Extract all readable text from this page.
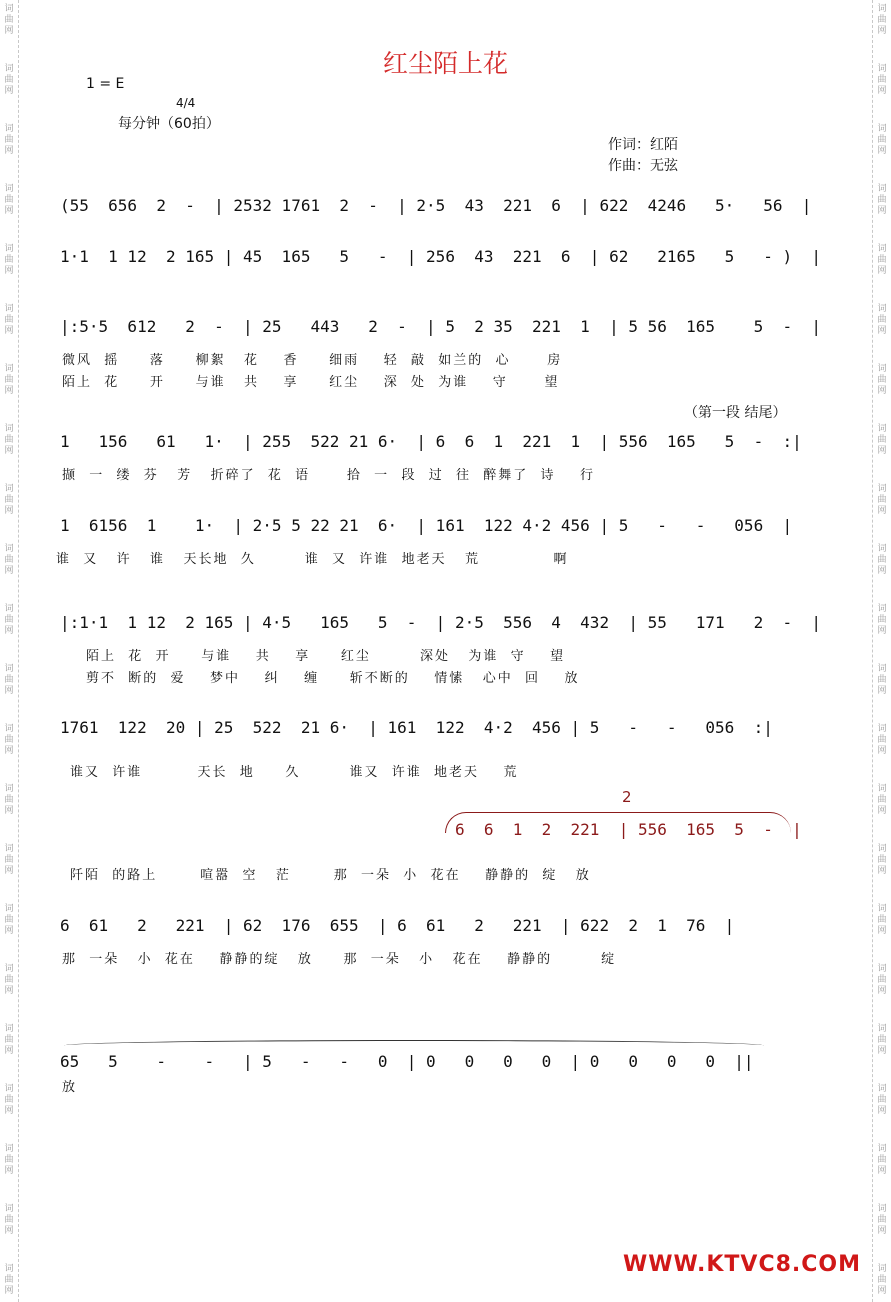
词
曲
网
词
曲
网
词
曲
网
词
曲
网
词
曲
网
词
曲
网
词
曲
网
词
曲
网
词
曲
网
词
曲
网
词
曲
网
词
曲
网
词
曲
网
词
曲
网
词
曲
网
词
曲
网
词
曲
网
词
曲
网
词
曲
网
词
曲
网
词
曲
网
词
曲
网
词
曲
网
词
曲
网
词
曲
网
词
曲
网
词
曲
网
词
曲
网
词
曲
网
词
曲
网
词
曲
网
词
曲
网
词
曲
网
词
曲
网
词
曲
网
词
曲
网
词
曲
网
词
曲
网
词
曲
网
词
曲
网
词
曲
网
词
曲
网
词
曲
网
词
曲
网
红尘陌上花
1 = E
4/4
每分钟（60拍）
作词：红陌
作曲：无弦
(55  656  2  -  | 2532 1761  2  -  | 2·5  43  221  6  | 622  4246   5·   56  |
1·1  1 12  2 165 | 45  165   5   -  | 256  43  221  6  | 62   2165   5   - )  |
|:5·5  612   2  -  | 25   443   2  -  | 5  2 35  221  1  | 5 56  165    5  -  |
微风  摇     落     柳絮   花    香     细雨    轻  敲  如兰的  心      房
陌上  花     开     与谁   共    享     红尘    深  处  为谁    守      望
（第一段 结尾）
1   156   61   1·  | 255  522 21 6·  | 6  6  1  221  1  | 556  165   5  -  :|
撷  一  缕  芬   芳   折碎了  花  语      拾  一  段  过  往  醉舞了  诗    行
1  6156  1    1·  | 2·5 5 22 21  6·  | 161  122 4·2 456 | 5   -   -   056  |
谁  又   许   谁   天长地  久        谁  又  许谁  地老天   荒            啊
|:1·1  1 12  2 165 | 4·5   165   5  -  | 2·5  556  4  432  | 55   171   2  -  |
陌上  花  开     与谁    共    享     红尘        深处   为谁  守    望
剪不  断的  爱    梦中    纠    缠     斩不断的    情愫   心中  回    放
1761  122  20 | 25  522  21 6·  | 161  122  4·2  456 | 5   -   -   056  :|
谁又  许谁         天长  地     久        谁又  许谁  地老天    荒
2
6  6  1  2  221  | 556  165  5  -  |
阡陌  的路上       喧嚣  空   茫       那  一朵  小  花在    静静的  绽   放
6  61   2   221  | 62  176  655  | 6  61   2   221  | 622  2  1  76  |
那  一朵   小  花在    静静的绽   放     那  一朵   小   花在    静静的        绽
65   5    -    -   | 5   -   -   0  | 0   0   0   0  | 0   0   0   0  ||
放
WWW.KTVC8.COM
